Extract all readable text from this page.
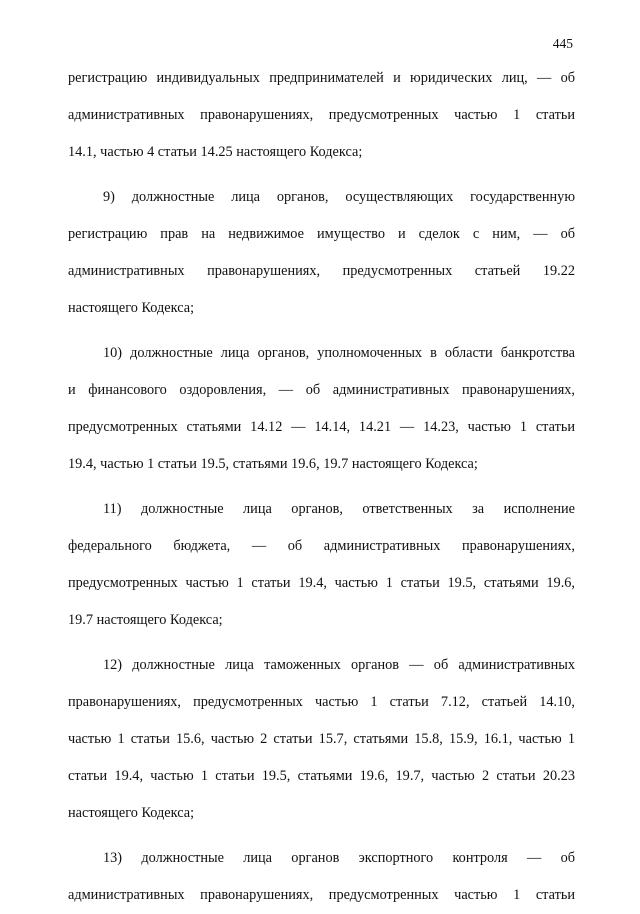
445
регистрацию индивидуальных предпринимателей и юридических лиц, — об
административных правонарушениях, предусмотренных частью 1 статьи
14.1, частью 4 статьи 14.25 настоящего Кодекса;
9) должностные лица органов, осуществляющих государственную
регистрацию прав на недвижимое имущество и сделок с ним, — об
административных правонарушениях, предусмотренных статьей 19.22
настоящего Кодекса;
10) должностные лица органов, уполномоченных в области банкротства
и финансового оздоровления, — об административных правонарушениях,
предусмотренных статьями 14.12 — 14.14, 14.21 — 14.23, частью 1 статьи
19.4, частью 1 статьи 19.5, статьями 19.6, 19.7 настоящего Кодекса;
11) должностные лица органов, ответственных за исполнение
федерального бюджета, — об административных правонарушениях,
предусмотренных частью 1 статьи 19.4, частью 1 статьи 19.5, статьями 19.6,
19.7 настоящего Кодекса;
12) должностные лица таможенных органов — об административных
правонарушениях, предусмотренных частью 1 статьи 7.12, статьей 14.10,
частью 1 статьи 15.6, частью 2 статьи 15.7, статьями 15.8, 15.9, 16.1, частью 1
статьи 19.4, частью 1 статьи 19.5, статьями 19.6, 19.7, частью 2 статьи 20.23
настоящего Кодекса;
13) должностные лица органов экспортного контроля — об
административных правонарушениях, предусмотренных частью 1 статьи
